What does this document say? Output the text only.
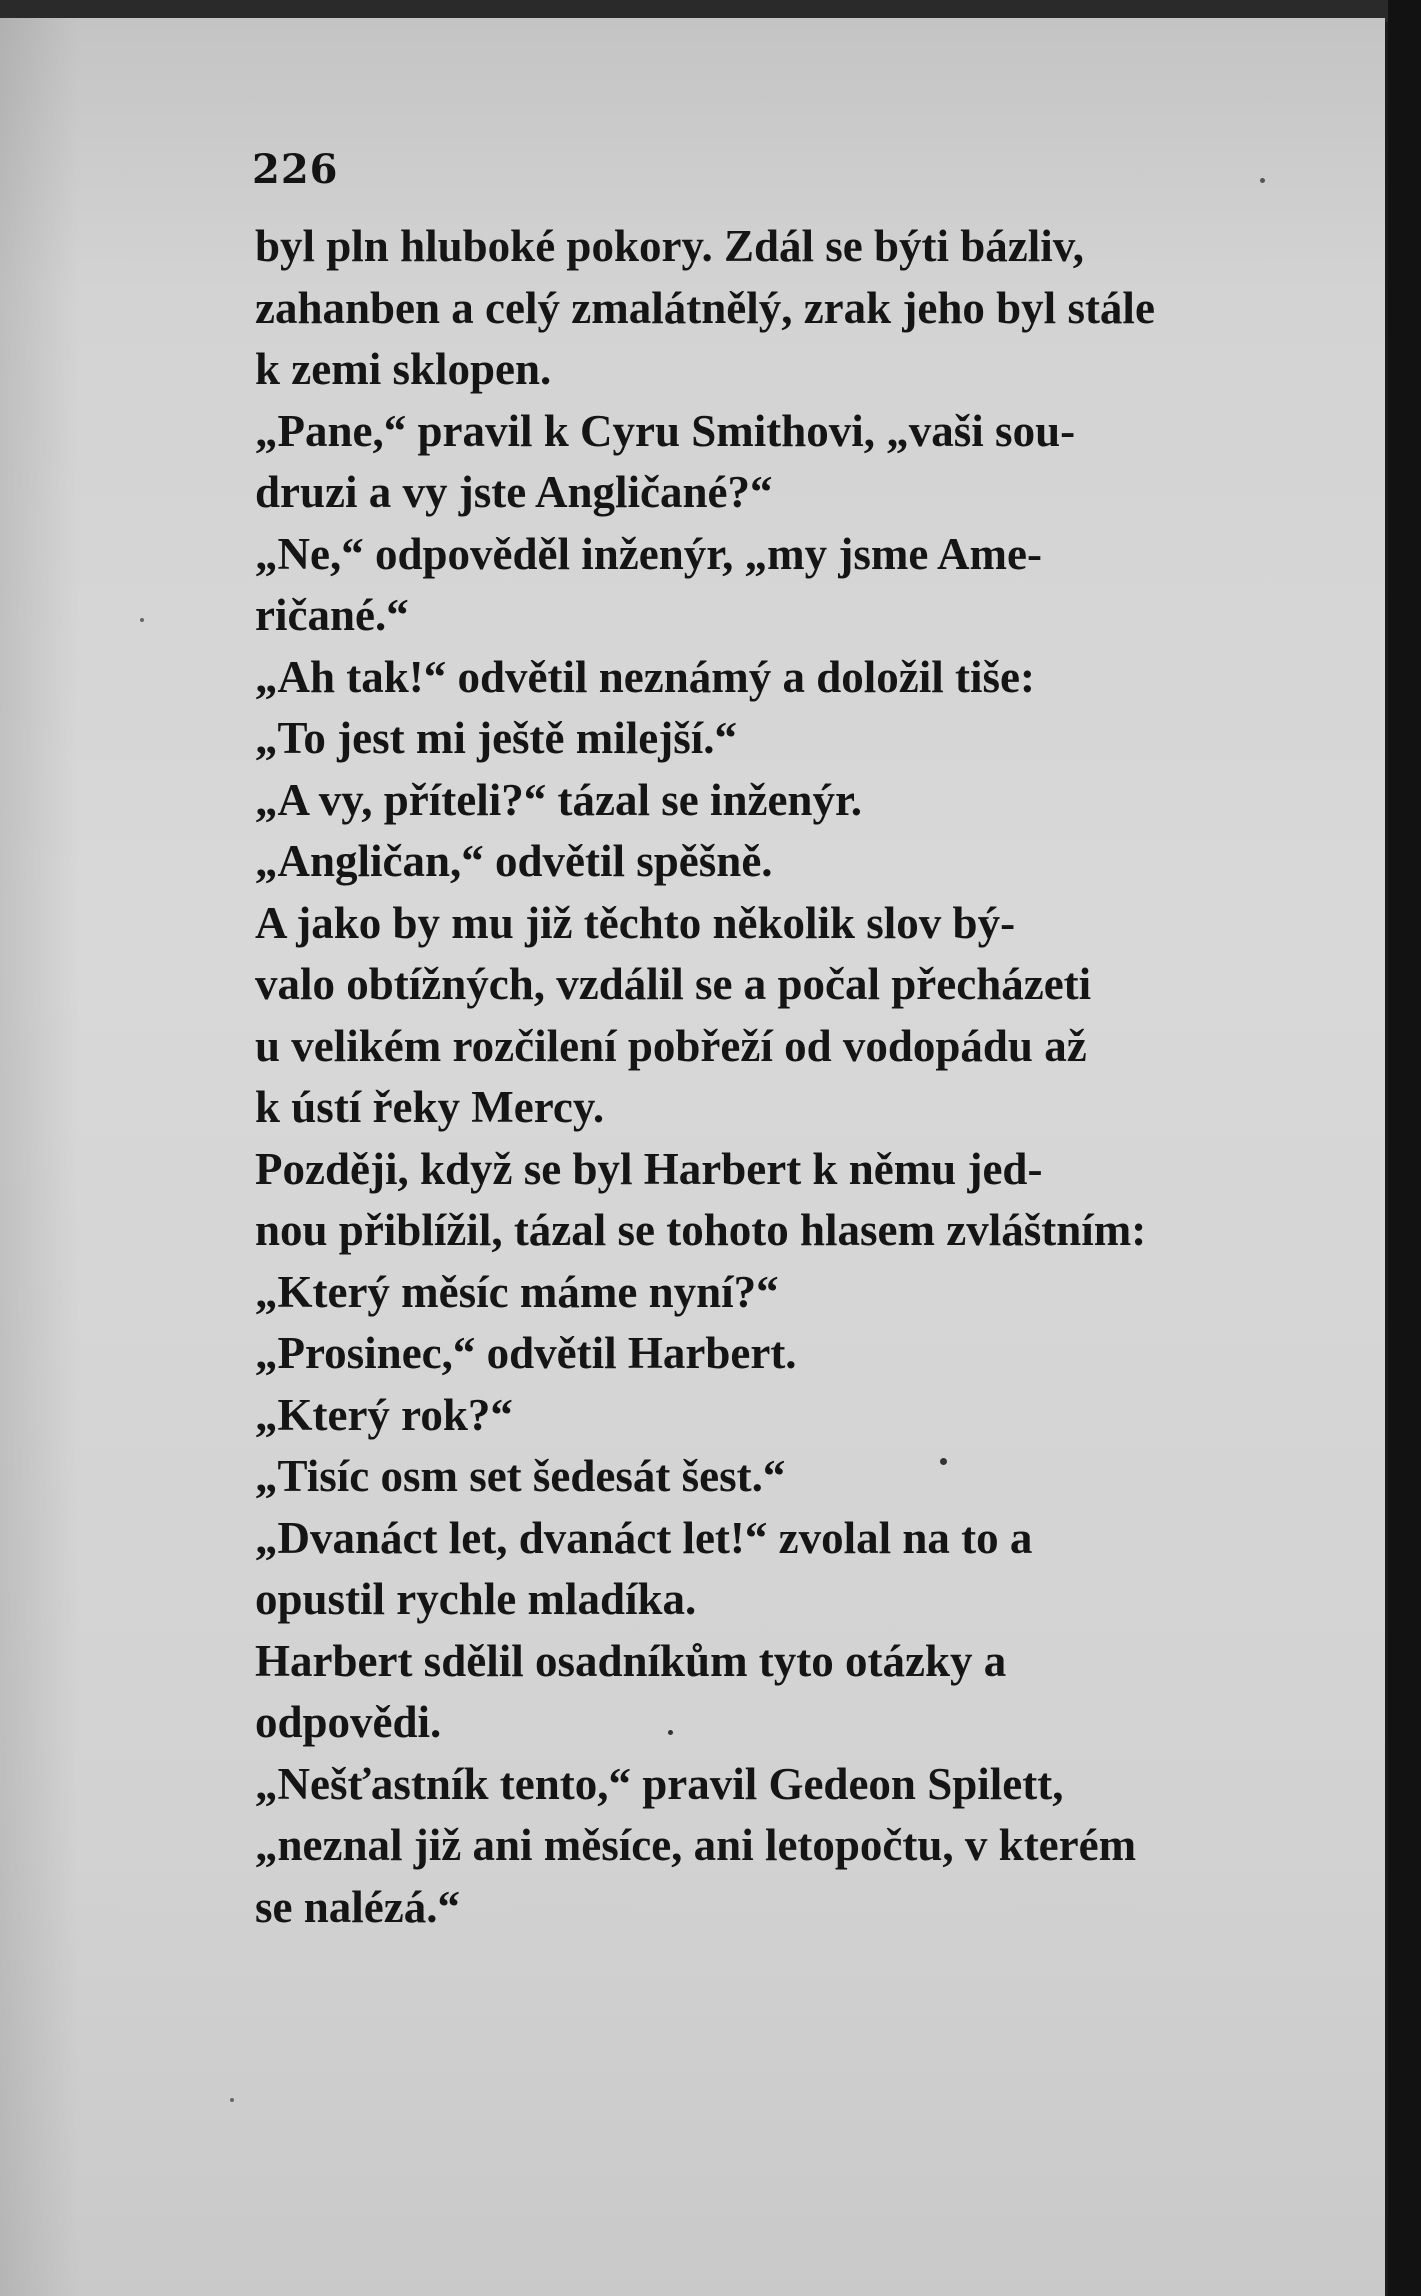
226

byl pln hluboké pokory. Zdál se býti bázliv,
zahanben a celý zmalátnělý, zrak jeho byl stále
k zemi sklopen.

„Pane,“ pravil k Cyru Smithovi, „vaši sou-
druzi a vy jste Angličané?“

„Ne,“ odpověděl inženýr, „my jsme Ame-
ričané.“

„Ah tak!“ odvětil neznámý a doložil tiše:
„To jest mi ještě milejší.“

„A vy, příteli?“ tázal se inženýr.

„Angličan,“ odvětil spěšně.

A jako by mu již těchto několik slov bý-
valo obtížných, vzdálil se a počal přecházeti
u velikém rozčilení pobřeží od vodopádu až
k ústí řeky Mercy.

Později, když se byl Harbert k němu jed-
nou přiblížil, tázal se tohoto hlasem zvláštním:
„Který měsíc máme nyní?“

„Prosinec,“ odvětil Harbert.

„Který rok?“

„Tisíc osm set šedesát šest.“

„Dvanáct let, dvanáct let!“ zvolal na to a
opustil rychle mladíka.

Harbert sdělil osadníkům tyto otázky a
odpovědi.

„Nešťastník tento,“ pravil Gedeon Spilett,
„neznal již ani měsíce, ani letopočtu, v kterém
se nalézá.“
